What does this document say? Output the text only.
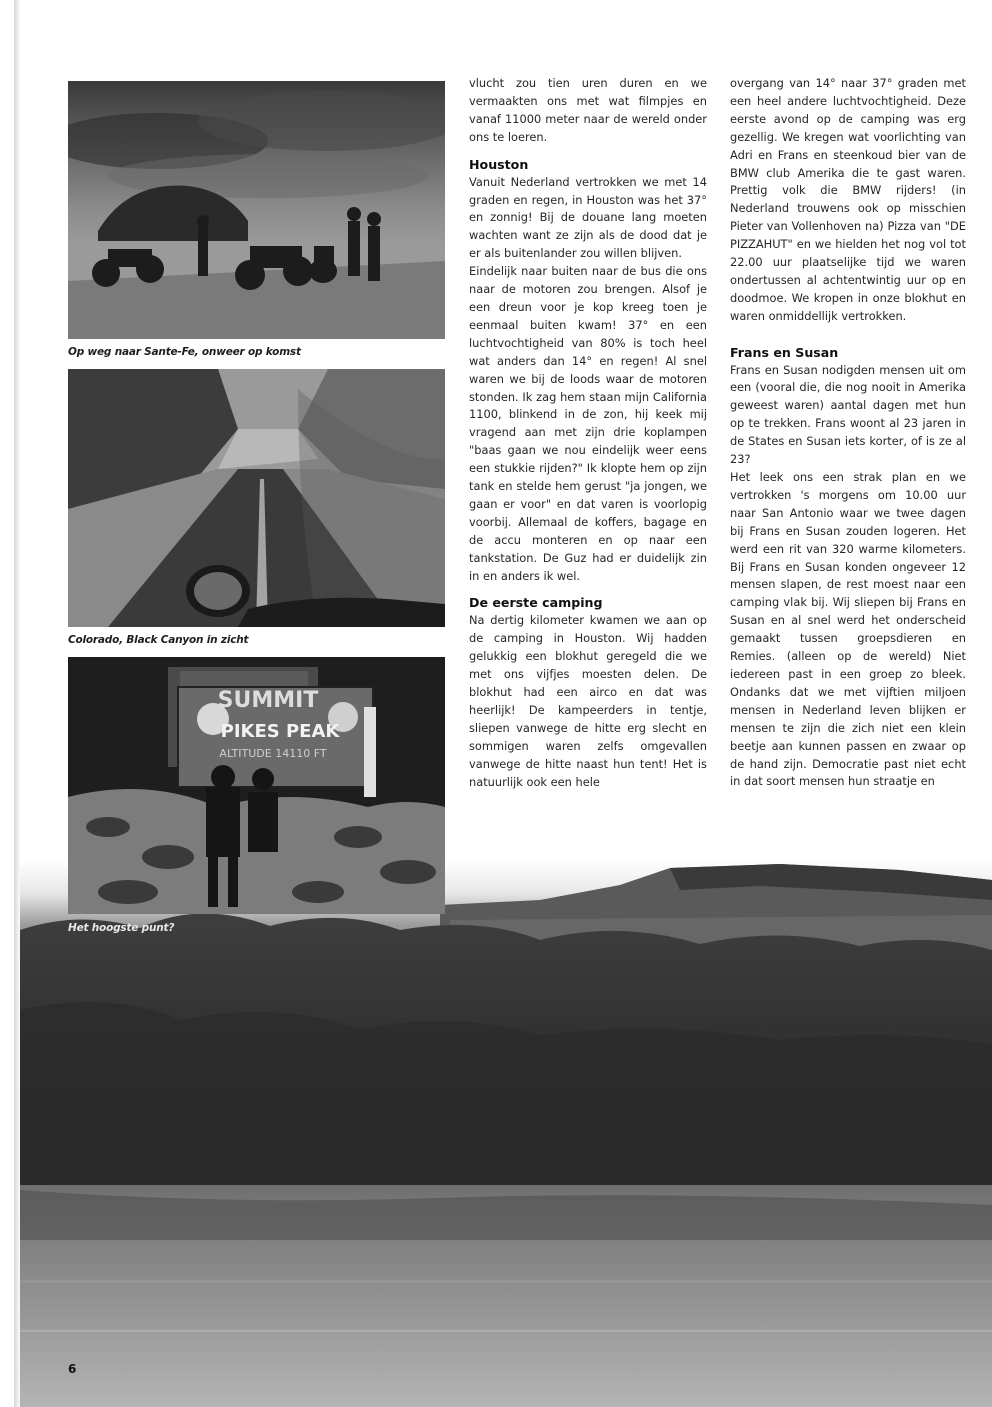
Op weg naar Sante-Fe, onweer op komst
Colorado, Black Canyon in zicht
SUMMIT
PIKES PEAK
ALTITUDE 14110 FT
Het hoogste punt?

vlucht zou tien uren duren en we vermaakten ons met wat filmpjes en vanaf 11000 meter naar de wereld onder ons te loeren.

Houston

Vanuit Nederland vertrokken we met 14 graden en regen, in Houston was het 37° en zonnig! Bij de douane lang moeten wachten want ze zijn als de dood dat je er als buitenlander zou willen blijven.

Eindelijk naar buiten naar de bus die ons naar de motoren zou brengen. Alsof je een dreun voor je kop kreeg toen je eenmaal buiten kwam! 37° en een luchtvochtigheid van 80% is toch heel wat anders dan 14° en regen! Al snel waren we bij de loods waar de motoren stonden. Ik zag hem staan mijn California 1100, blinkend in de zon, hij keek mij vragend aan met zijn drie koplampen "baas gaan we nou eindelijk weer eens een stukkie rijden?" Ik klopte hem op zijn tank en stelde hem gerust "ja jongen, we gaan er voor" en dat varen is voorlopig voorbij. Allemaal de koffers, bagage en de accu monteren en op naar een tankstation. De Guz had er duidelijk zin in en anders ik wel.

De eerste camping

Na dertig kilometer kwamen we aan op de camping in Houston. Wij hadden gelukkig een blokhut geregeld die we met ons vijfjes moesten delen. De blokhut had een airco en dat was heerlijk! De kampeerders in tentje, sliepen vanwege de hitte erg slecht en sommigen waren zelfs omgevallen vanwege de hitte naast hun tent! Het is natuurlijk ook een hele

overgang van 14° naar 37° graden met een heel andere luchtvochtigheid. Deze eerste avond op de camping was erg gezellig. We kregen wat voorlichting van Adri en Frans en steenkoud bier van de BMW club Amerika die te gast waren. Prettig volk die BMW rijders! (in Nederland trouwens ook op misschien Pieter van Vollenhoven na) Pizza van "DE PIZZAHUT" en we hielden het nog vol tot 22.00 uur plaatselijke tijd we waren ondertussen al achtentwintig uur op en doodmoe. We kropen in onze blokhut en waren onmiddellijk vertrokken.

Frans en Susan

Frans en Susan nodigden mensen uit om een (vooral die, die nog nooit in Amerika geweest waren) aantal dagen met hun op te trekken. Frans woont al 23 jaren in de States en Susan iets korter, of is ze al 23?

Het leek ons een strak plan en we vertrokken 's morgens om 10.00 uur naar San Antonio waar we twee dagen bij Frans en Susan zouden logeren. Het werd een rit van 320 warme kilometers. Bij Frans en Susan konden ongeveer 12 mensen slapen, de rest moest naar een camping vlak bij. Wij sliepen bij Frans en Susan en al snel werd het onderscheid gemaakt tussen groepsdieren en Remies. (alleen op de wereld) Niet iedereen past in een groep zo bleek. Ondanks dat we met vijftien miljoen mensen in Nederland leven blijken er mensen te zijn die zich niet een klein beetje aan kunnen passen en zwaar op de hand zijn. Democratie past niet echt in dat soort mensen hun straatje en

6
